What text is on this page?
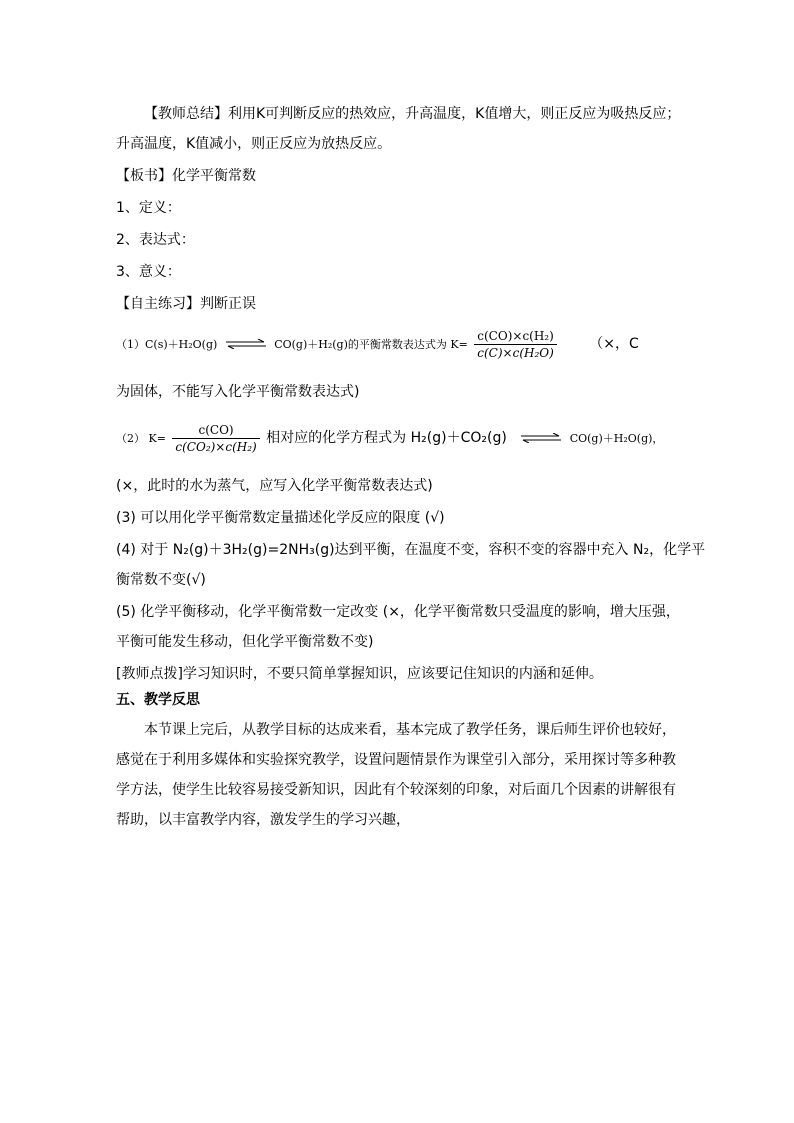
【教师总结】利用K可判断反应的热效应，升高温度，K值增大，则正反应为吸热反应；
升高温度，K值减小，则正反应为放热反应。
【板书】化学平衡常数
1、定义：
2、表达式：
3、意义：
【自主练习】判断正误
（1）C(s)＋H₂O(g) ⇌ CO(g)＋H₂(g)的平衡常数表达式为 $K= \frac{\text{c(CO)×c(H₂)}}{\text{c(C)×c(H₂O)}}$ （×，C
为固体，不能写入化学平衡常数表达式)
（2） $K= \frac{c(CO)}{\text{c(CO₂)×c(H₂)}}$ 相对应的化学方程式为 H₂(g)＋CO₂(g) ⇌ CO(g)＋H₂O(g)，
(×，此时的水为蒸气，应写入化学平衡常数表达式)
(3) 可以用化学平衡常数定量描述化学反应的限度 (√)
(4) 对于 N₂(g)＋3H₂(g)=2NH₃(g)达到平衡，在温度不变，容积不变的容器中充入 N₂，化学平
衡常数不变(√)
(5) 化学平衡移动，化学平衡常数一定改变 (×，化学平衡常数只受温度的影响，增大压强，
平衡可能发生移动，但化学平衡常数不变)
[教师点拨]学习知识时，不要只简单掌握知识，应该要记住知识的内涵和延伸。
五、教学反思
本节课上完后，从教学目标的达成来看，基本完成了教学任务，课后师生评价也较好，
感觉在于利用多媒体和实验探究教学，设置问题情景作为课堂引入部分，采用探讨等多种教
学方法，使学生比较容易接受新知识，因此有个较深刻的印象，对后面几个因素的讲解很有
帮助，以丰富教学内容，激发学生的学习兴趣，
